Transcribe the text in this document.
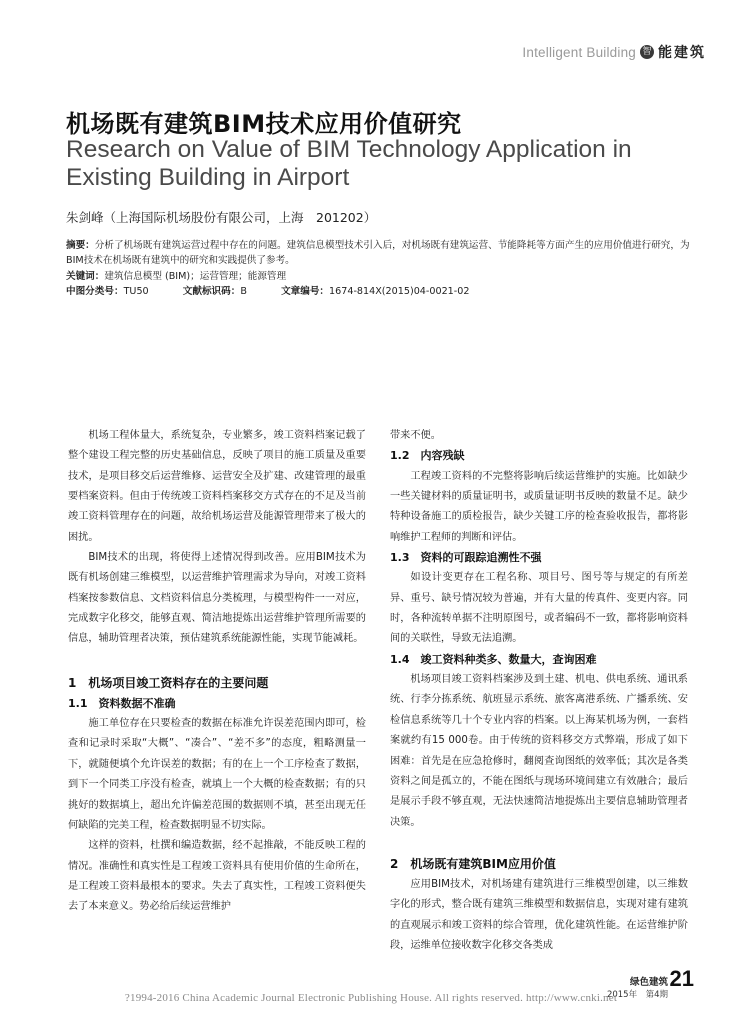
Intelligent Building 智 能建筑
机场既有建筑BIM技术应用价值研究
Research on Value of BIM Technology Application in Existing Building in Airport
朱剑峰（上海国际机场股份有限公司，上海　201202）
摘要：分析了机场既有建筑运营过程中存在的问题。建筑信息模型技术引入后，对机场既有建筑运营、节能降耗等方面产生的应用价值进行研究，为BIM技术在机场既有建筑中的研究和实践提供了参考。
关键词：建筑信息模型 (BIM)；运营管理；能源管理
中图分类号：TU50	文献标识码：B	文章编号：1674-814X(2015)04-0021-02

机场工程体量大，系统复杂，专业繁多，竣工资料档案记载了整个建设工程完整的历史基础信息，反映了项目的施工质量及重要技术，是项目移交后运营维修、运营安全及扩建、改建管理的最重要档案资料。但由于传统竣工资料档案移交方式存在的不足及当前竣工资料管理存在的问题，故给机场运营及能源管理带来了极大的困扰。

BIM技术的出现，将使得上述情况得到改善。应用BIM技术为既有机场创建三维模型，以运营维护管理需求为导向，对竣工资料档案按参数信息、文档资料信息分类梳理，与模型构件一一对应，完成数字化移交，能够直观、简洁地提炼出运营维护管理所需要的信息，辅助管理者决策，预估建筑系统能源性能，实现节能减耗。

1　机场项目竣工资料存在的主要问题
1.1　资料数据不准确

施工单位存在只要检查的数据在标准允许误差范围内即可，检查和记录时采取“大概”、“凑合”、“差不多”的态度，粗略测量一下，就随便填个允许误差的数据；有的在上一个工序检查了数据，到下一个同类工序没有检查，就填上一个大概的检查数据；有的只挑好的数据填上，超出允许偏差范围的数据则不填，甚至出现无任何缺陷的完美工程，检查数据明显不切实际。

这样的资料，杜撰和编造数据，经不起推敲，不能反映工程的情况。准确性和真实性是工程竣工资料具有使用价值的生命所在，是工程竣工资料最根本的要求。失去了真实性，工程竣工资料便失去了本来意义。势必给后续运营维护

带来不便。

1.2　内容残缺

工程竣工资料的不完整将影响后续运营维护的实施。比如缺少一些关键材料的质量证明书，或质量证明书反映的数量不足。缺少特种设备施工的质检报告，缺少关键工序的检查验收报告，都将影响维护工程师的判断和评估。

1.3　资料的可跟踪追溯性不强

如设计变更存在工程名称、项目号、图号等与规定的有所差异、重号、缺号情况较为普遍，并有大量的传真件、变更内容。同时，各种流转单据不注明原图号，或者编码不一致，都将影响资料间的关联性，导致无法追溯。

1.4　竣工资料种类多、数量大，查询困难

机场项目竣工资料档案涉及到土建、机电、供电系统、通讯系统、行李分拣系统、航班显示系统、旅客离港系统、广播系统、安检信息系统等几十个专业内容的档案。以上海某机场为例，一套档案就约有15 000卷。由于传统的资料移交方式弊端，形成了如下困难：首先是在应急抢修时，翻阅查询图纸的效率低；其次是各类资料之间是孤立的，不能在图纸与现场环境间建立有效融合；最后是展示手段不够直观，无法快速简洁地提炼出主要信息辅助管理者决策。

2　机场既有建筑BIM应用价值

应用BIM技术，对机场建有建筑进行三维模型创建，以三维数字化的形式，整合既有建筑三维模型和数据信息，实现对建有建筑的直观展示和竣工资料的综合管理，优化建筑性能。在运营维护阶段，运维单位接收数字化移交各类成

绿色建筑
2015年　第4期
21
?1994-2016 China Academic Journal Electronic Publishing House. All rights reserved. http://www.cnki.net
